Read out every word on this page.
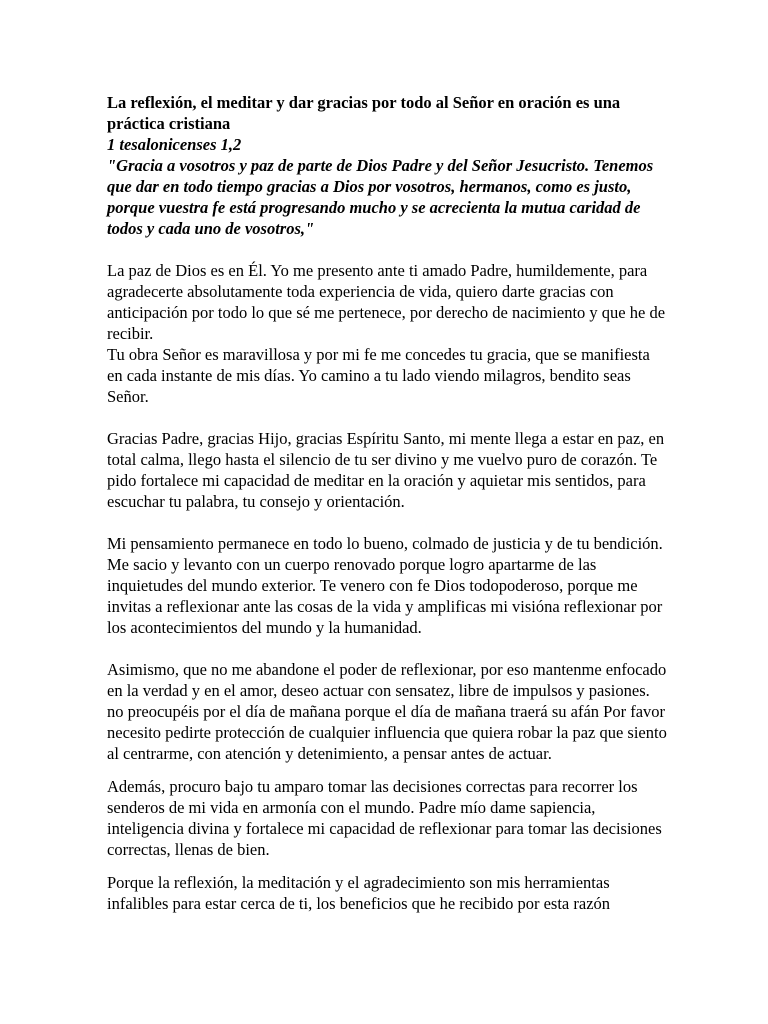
La reflexión, el meditar y dar gracias por todo al Señor en oración es una práctica cristiana

1 tesalonicenses 1,2

"Gracia a vosotros y paz de parte de Dios Padre y del Señor Jesucristo. Tenemos que dar en todo tiempo gracias a Dios por vosotros, hermanos, como es justo, porque vuestra fe está progresando mucho y se acrecienta la mutua caridad de todos y cada uno de vosotros,"

La paz de Dios es en Él. Yo me presento ante ti amado Padre, humildemente, para agradecerte absolutamente toda experiencia de vida, quiero darte gracias con anticipación por todo lo que sé me pertenece, por derecho de nacimiento y que he de recibir.

Tu obra Señor es maravillosa y por mi fe me concedes tu gracia, que se manifiesta en cada instante de mis días. Yo camino a tu lado viendo milagros, bendito seas Señor.

Gracias Padre, gracias Hijo, gracias Espíritu Santo, mi mente llega a estar en paz, en total calma, llego hasta el silencio de tu ser divino y me vuelvo puro de corazón. Te pido fortalece mi capacidad de meditar en la oración y aquietar mis sentidos, para escuchar tu palabra, tu consejo y orientación.

Mi pensamiento permanece en todo lo bueno, colmado de justicia y de tu bendición. Me sacio y levanto con un cuerpo renovado porque logro apartarme de las inquietudes del mundo exterior. Te venero con fe Dios todopoderoso, porque me invitas a reflexionar ante las cosas de la vida y amplificas mi visióna reflexionar por los acontecimientos del mundo y la humanidad.

Asimismo, que no me abandone el poder de reflexionar, por eso mantenme enfocado en la verdad y en el amor, deseo actuar con sensatez, libre de impulsos y pasiones. no preocupéis por el día de mañana porque el día de mañana traerá su afán Por favor necesito pedirte protección de cualquier influencia que quiera robar la paz que siento al centrarme, con atención y detenimiento, a pensar antes de actuar.

Además, procuro bajo tu amparo tomar las decisiones correctas para recorrer los senderos de mi vida en armonía con el mundo. Padre mío dame sapiencia, inteligencia divina y fortalece mi capacidad de reflexionar para tomar las decisiones correctas, llenas de bien.

Porque la reflexión, la meditación y el agradecimiento son mis herramientas infalibles para estar cerca de ti, los beneficios que he recibido por esta razón
